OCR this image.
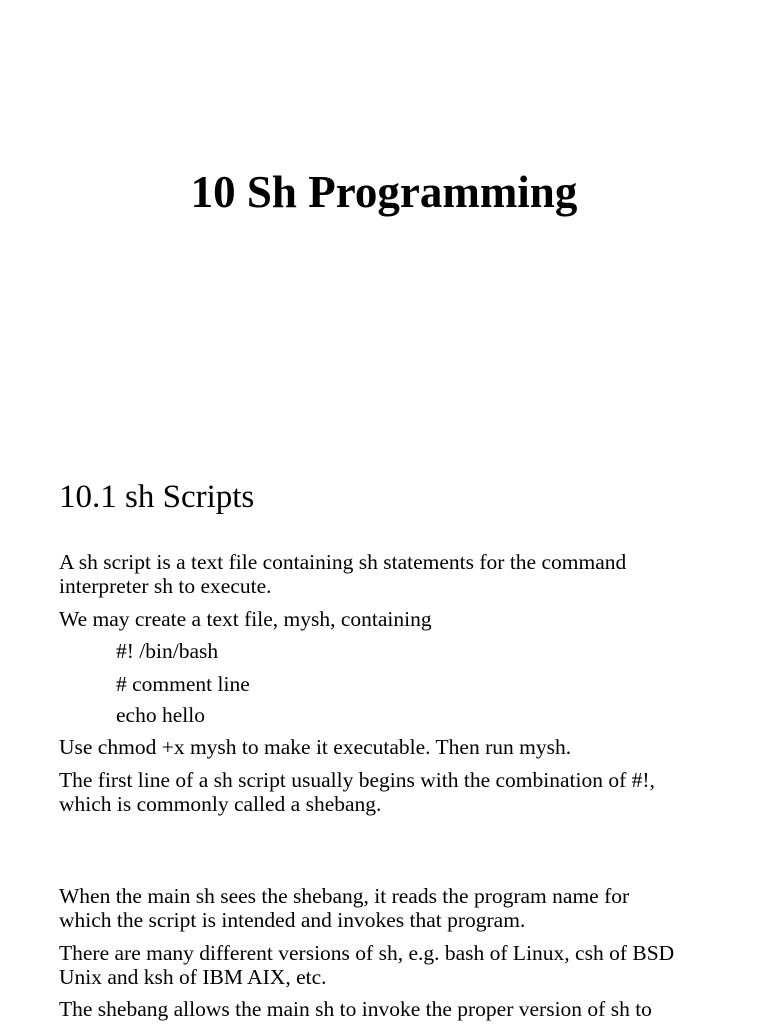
10 Sh Programming
10.1 sh Scripts

A sh script is a text file containing sh statements for the command
interpreter sh to execute.

We may create a text file, mysh, containing

#! /bin/bash

# comment line

echo hello

Use chmod +x mysh to make it executable. Then run mysh.

The first line of a sh script usually begins with the combination of #!,
which is commonly called a shebang.

When the main sh sees the shebang, it reads the program name for
which the script is intended and invokes that program.

There are many different versions of sh, e.g. bash of Linux, csh of BSD
Unix and ksh of IBM AIX, etc.

The shebang allows the main sh to invoke the proper version of sh to
